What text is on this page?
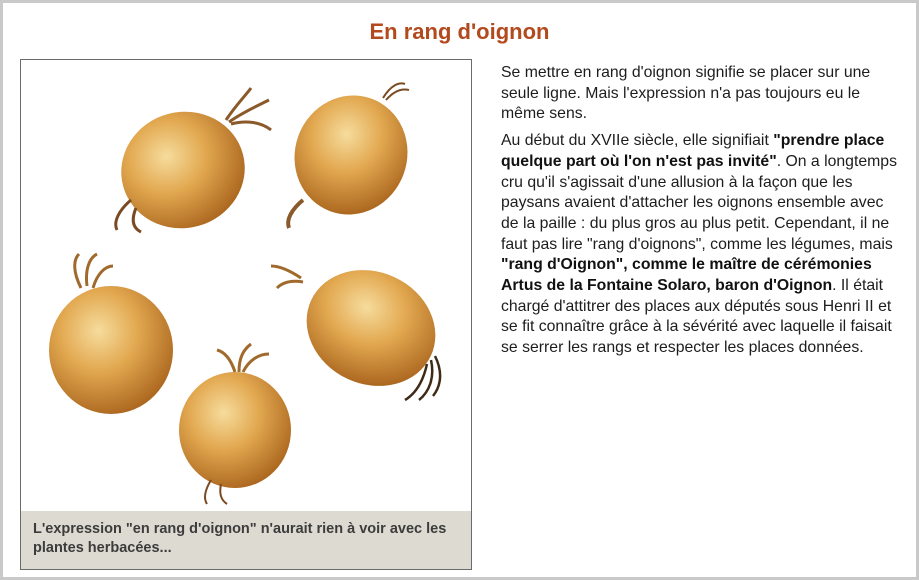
En rang d'oignon
L'expression "en rang d'oignon" n'aurait rien à voir avec les plantes herbacées...

Se mettre en rang d'oignon signifie se placer sur une seule ligne. Mais l'expression n'a pas toujours eu le même sens.

Au début du XVIIe siècle, elle signifiait "prendre place quelque part où l'on n'est pas invité". On a longtemps cru qu'il s'agissait d'une allusion à la façon que les paysans avaient d'attacher les oignons ensemble avec de la paille : du plus gros au plus petit. Cependant, il ne faut pas lire "rang d'oignons", comme les légumes, mais "rang d'Oignon", comme le maître de cérémonies Artus de la Fontaine Solaro, baron d'Oignon. Il était chargé d'attitrer des places aux députés sous Henri II et se fit connaître grâce à la sévérité avec laquelle il faisait se serrer les rangs et respecter les places données.
